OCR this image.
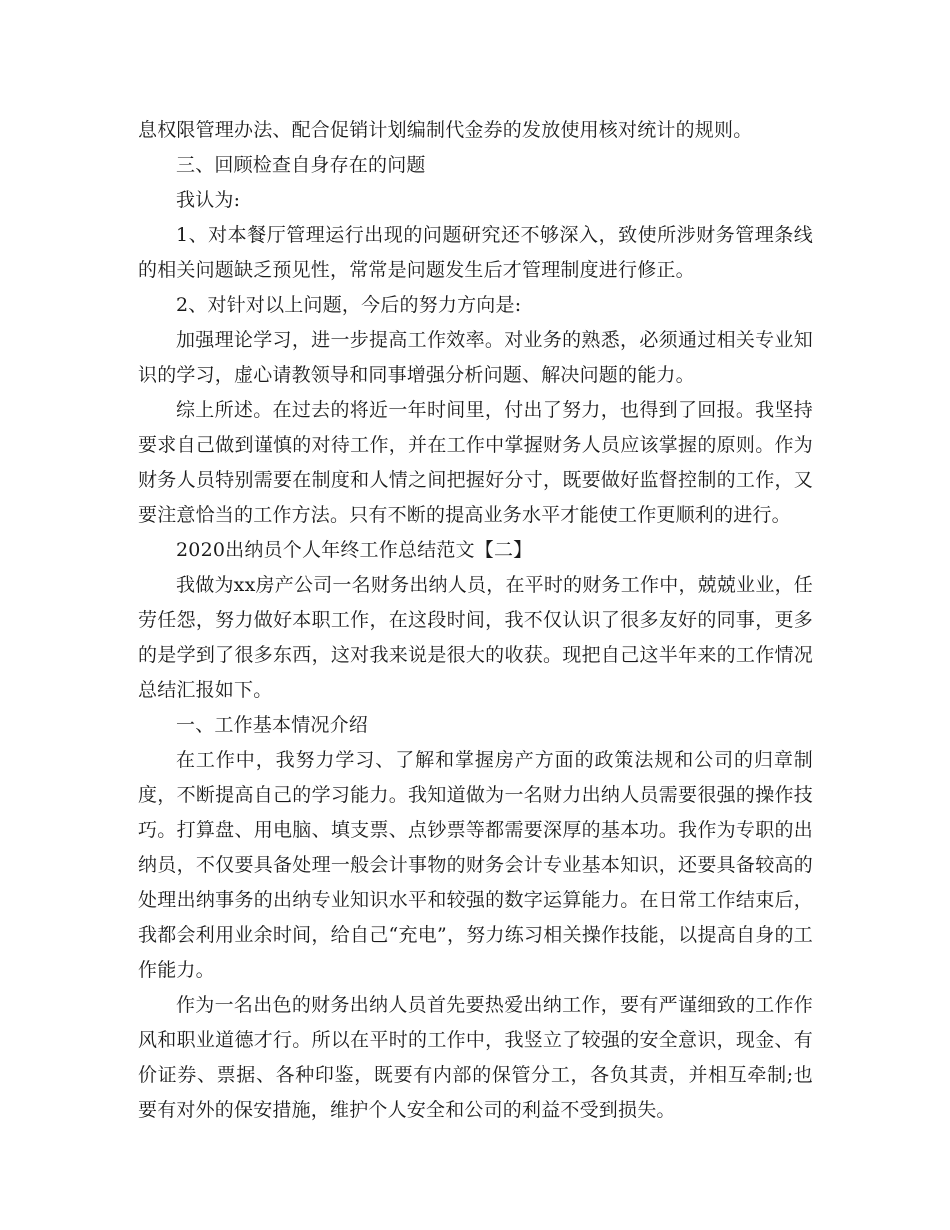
息权限管理办法、配合促销计划编制代金券的发放使用核对统计的规则。

三、回顾检查自身存在的问题

我认为:

1、对本餐厅管理运行出现的问题研究还不够深入，致使所涉财务管理条线的相关问题缺乏预见性，常常是问题发生后才管理制度进行修正。

2、对针对以上问题，今后的努力方向是:

加强理论学习，进一步提高工作效率。对业务的熟悉，必须通过相关专业知识的学习，虚心请教领导和同事增强分析问题、解决问题的能力。

综上所述。在过去的将近一年时间里，付出了努力，也得到了回报。我坚持要求自己做到谨慎的对待工作，并在工作中掌握财务人员应该掌握的原则。作为财务人员特别需要在制度和人情之间把握好分寸，既要做好监督控制的工作，又要注意恰当的工作方法。只有不断的提高业务水平才能使工作更顺利的进行。

2020出纳员个人年终工作总结范文【二】

我做为xx房产公司一名财务出纳人员，在平时的财务工作中，兢兢业业，任劳任怨，努力做好本职工作，在这段时间，我不仅认识了很多友好的同事，更多的是学到了很多东西，这对我来说是很大的收获。现把自己这半年来的工作情况总结汇报如下。

一、工作基本情况介绍

在工作中，我努力学习、了解和掌握房产方面的政策法规和公司的归章制度，不断提高自己的学习能力。我知道做为一名财力出纳人员需要很强的操作技巧。打算盘、用电脑、填支票、点钞票等都需要深厚的基本功。我作为专职的出纳员，不仅要具备处理一般会计事物的财务会计专业基本知识，还要具备较高的处理出纳事务的出纳专业知识水平和较强的数字运算能力。在日常工作结束后，我都会利用业余时间，给自己“充电”，努力练习相关操作技能，以提高自身的工作能力。

作为一名出色的财务出纳人员首先要热爱出纳工作，要有严谨细致的工作作风和职业道德才行。所以在平时的工作中，我竖立了较强的安全意识，现金、有价证券、票据、各种印鉴，既要有内部的保管分工，各负其责，并相互牵制;也要有对外的保安措施，维护个人安全和公司的利益不受到损失。
